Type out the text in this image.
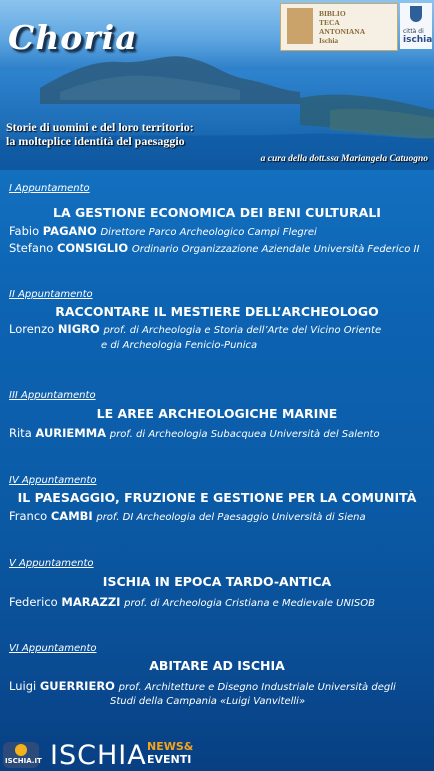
Choria
BIBLIO
TECA
ANTONIANA
Ischia
città di
ischia
Storie di uomini e del loro territorio:
la molteplice identità del paesaggio
a cura della dott.ssa Mariangela Catuogno
I Appuntamento
LA GESTIONE ECONOMICA DEI BENI CULTURALI
Fabio PAGANO Direttore Parco Archeologico Campi Flegrei
Stefano CONSIGLIO Ordinario Organizzazione Aziendale Università Federico II
II Appuntamento
RACCONTARE IL MESTIERE DELL’ARCHEOLOGO
Lorenzo NIGRO prof. di Archeologia e Storia dell’Arte del Vicino Oriente
e di Archeologia Fenicio-Punica
III Appuntamento
LE AREE ARCHEOLOGICHE MARINE
Rita AURIEMMA prof. di Archeologia Subacquea Università del Salento
IV Appuntamento
IL PAESAGGIO, FRUZIONE E GESTIONE PER LA COMUNITÀ
Franco CAMBI prof. DI Archeologia del Paesaggio Università di Siena
V Appuntamento
ISCHIA IN EPOCA TARDO-ANTICA
Federico MARAZZI prof. di Archeologia Cristiana e Medievale UNISOB
VI Appuntamento
ABITARE AD ISCHIA
Luigi GUERRIERO prof. Architetture e Disegno Industriale Università degli
Studi della Campania «Luigi Vanvitelli»
ISCHIA.IT ISCHIA NEWS&
EVENTI
